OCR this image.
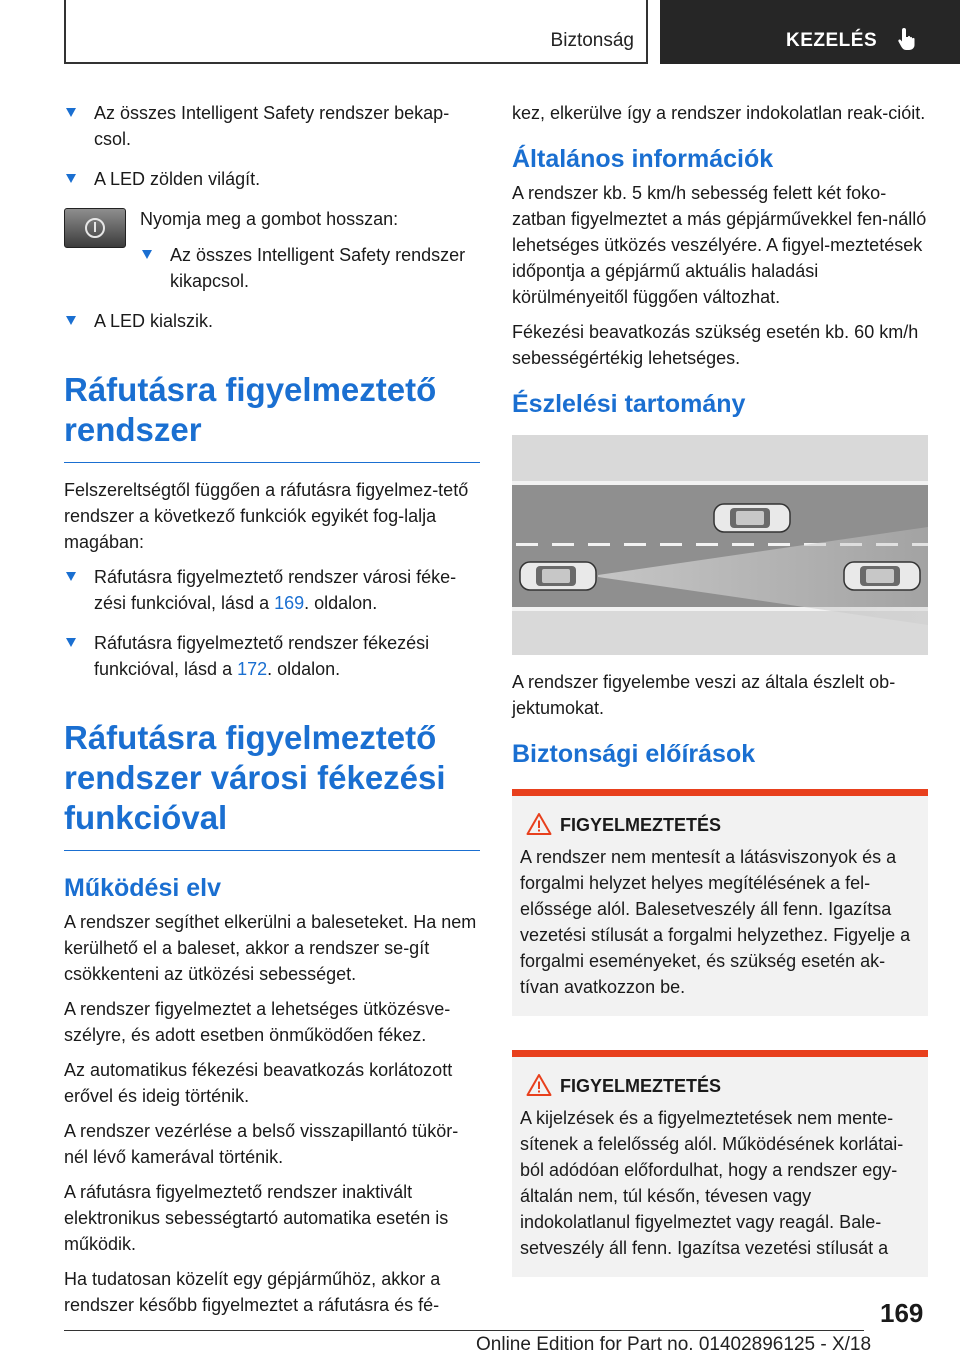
Biztonság	KEZELÉS
Az összes Intelligent Safety rendszer bekap‐csol.
A LED zölden világít.

Nyomja meg a gombot hosszan:

Az összes Intelligent Safety rendszer kikapcsol.
A LED kialszik.
Ráfutásra figyelmeztető rendszer

Felszereltségtől függően a ráfutásra figyelmez‐tető rendszer a következő funkciók egyikét fog‐lalja magában:

Ráfutásra figyelmeztető rendszer városi féke‐zési funkcióval, lásd a 169. oldalon.
Ráfutásra figyelmeztető rendszer fékezési funkcióval, lásd a 172. oldalon.
Ráfutásra figyelmeztető rendszer városi fékezési funkcióval
Működési elv

A rendszer segíthet elkerülni a baleseteket. Ha nem kerülhető el a baleset, akkor a rendszer se‐gít csökkenteni az ütközési sebességet.

A rendszer figyelmeztet a lehetséges ütközésve‐szélyre, és adott esetben önműködően fékez.

Az automatikus fékezési beavatkozás korlátozott erővel és ideig történik.

A rendszer vezérlése a belső visszapillantó tükör‐nél lévő kamerával történik.

A ráfutásra figyelmeztető rendszer inaktivált elektronikus sebességtartó automatika esetén is működik.

Ha tudatosan közelít egy gépjárműhöz, akkor a rendszer később figyelmeztet a ráfutásra és fé‐

kez, elkerülve így a rendszer indokolatlan reak‐cióit.

Általános információk

A rendszer kb. 5 km/h sebesség felett két foko‐zatban figyelmeztet a más gépjárművekkel fen‐nálló lehetséges ütközés veszélyére. A figyel‐meztetések időpontja a gépjármű aktuális haladási körülményeitől függően változhat.

Fékezési beavatkozás szükség esetén kb. 60 km/h sebességértékig lehetséges.

Észlelési tartomány

A rendszer figyelembe veszi az általa észlelt ob‐jektumokat.

Biztonsági előírások
FIGYELMEZTETÉS

A rendszer nem mentesít a látásviszonyok és a forgalmi helyzet helyes megítélésének a fel‐előssége alól. Balesetveszély áll fenn. Igazítsa vezetési stílusát a forgalmi helyzethez. Figyelje a forgalmi eseményeket, és szükség esetén ak‐tívan avatkozzon be.

FIGYELMEZTETÉS

A kijelzések és a figyelmeztetések nem mente‐sítenek a felelősség alól. Működésének korlátai‐ból adódóan előfordulhat, hogy a rendszer egy‐általán nem, túl későn, tévesen vagy indokolatlanul figyelmeztet vagy reagál. Bale‐setveszély áll fenn. Igazítsa vezetési stílusát a

169
Online Edition for Part no. 01402896125 - X/18
